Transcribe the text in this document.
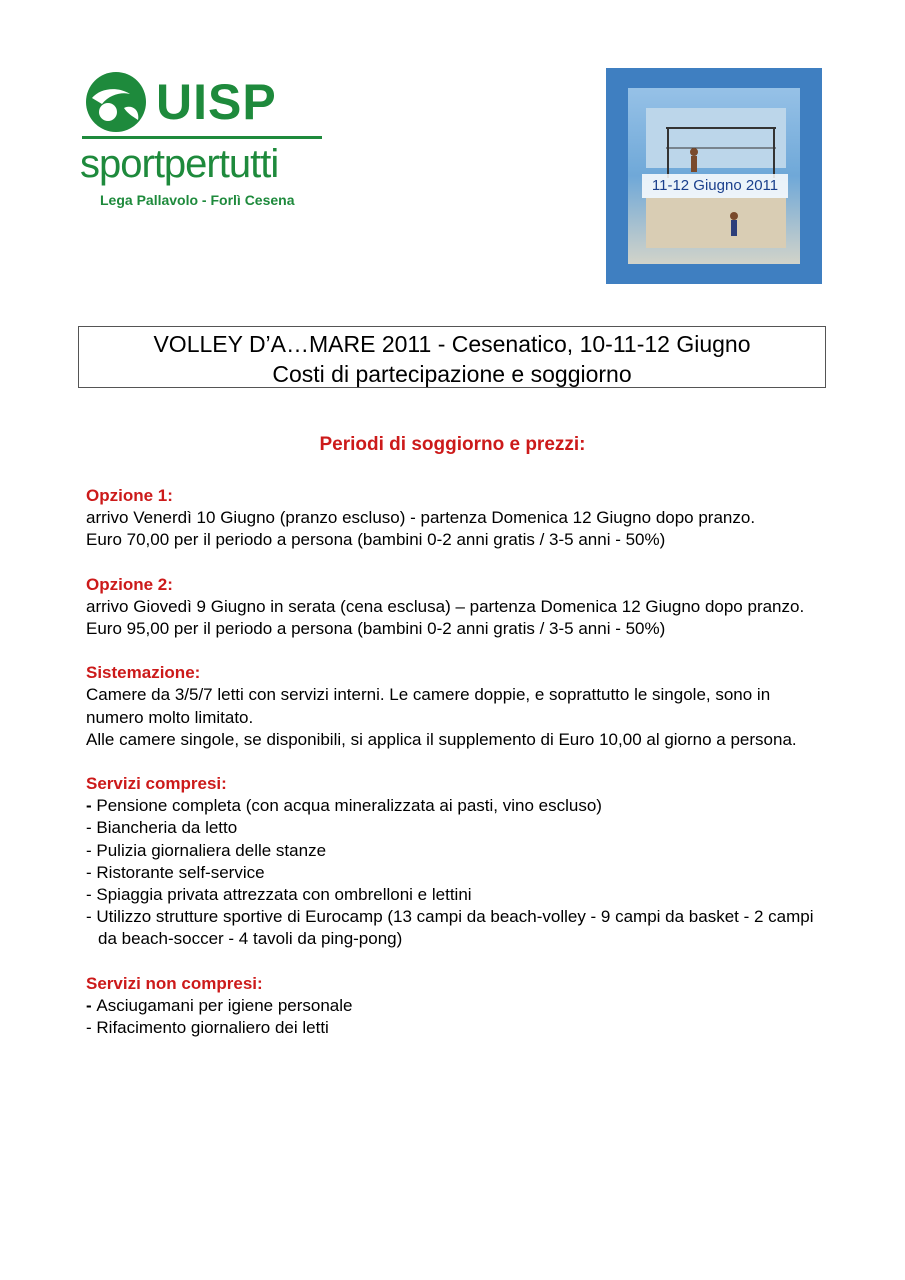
UISP
sportpertutti
Lega Pallavolo - Forlì Cesena
11-12 Giugno 2011
VOLLEY D’A…MARE 2011 - Cesenatico, 10-11-12 Giugno
Costi di partecipazione e soggiorno
Periodi di soggiorno e prezzi:
Opzione 1:
arrivo Venerdì 10 Giugno (pranzo escluso) - partenza Domenica 12 Giugno dopo pranzo.
Euro 70,00 per il periodo a persona (bambini 0-2 anni gratis / 3-5 anni - 50%)
Opzione 2:
arrivo Giovedì 9 Giugno in serata (cena esclusa) – partenza Domenica 12 Giugno dopo pranzo. Euro 95,00 per il periodo a persona (bambini 0-2 anni gratis / 3-5 anni - 50%)
Sistemazione:
Camere da 3/5/7 letti con servizi interni. Le camere doppie, e soprattutto le singole, sono in numero molto limitato.
Alle camere singole, se disponibili, si applica il supplemento di Euro 10,00 al giorno a persona.
Servizi compresi:
- Pensione completa (con acqua mineralizzata ai pasti, vino escluso)
- Biancheria da letto
- Pulizia giornaliera delle stanze
- Ristorante self-service
- Spiaggia privata attrezzata con ombrelloni e lettini
- Utilizzo strutture sportive di Eurocamp (13 campi da beach-volley - 9 campi da basket - 2 campi da beach-soccer - 4 tavoli da ping-pong)
Servizi non compresi:
- Asciugamani per igiene personale
- Rifacimento giornaliero dei letti
